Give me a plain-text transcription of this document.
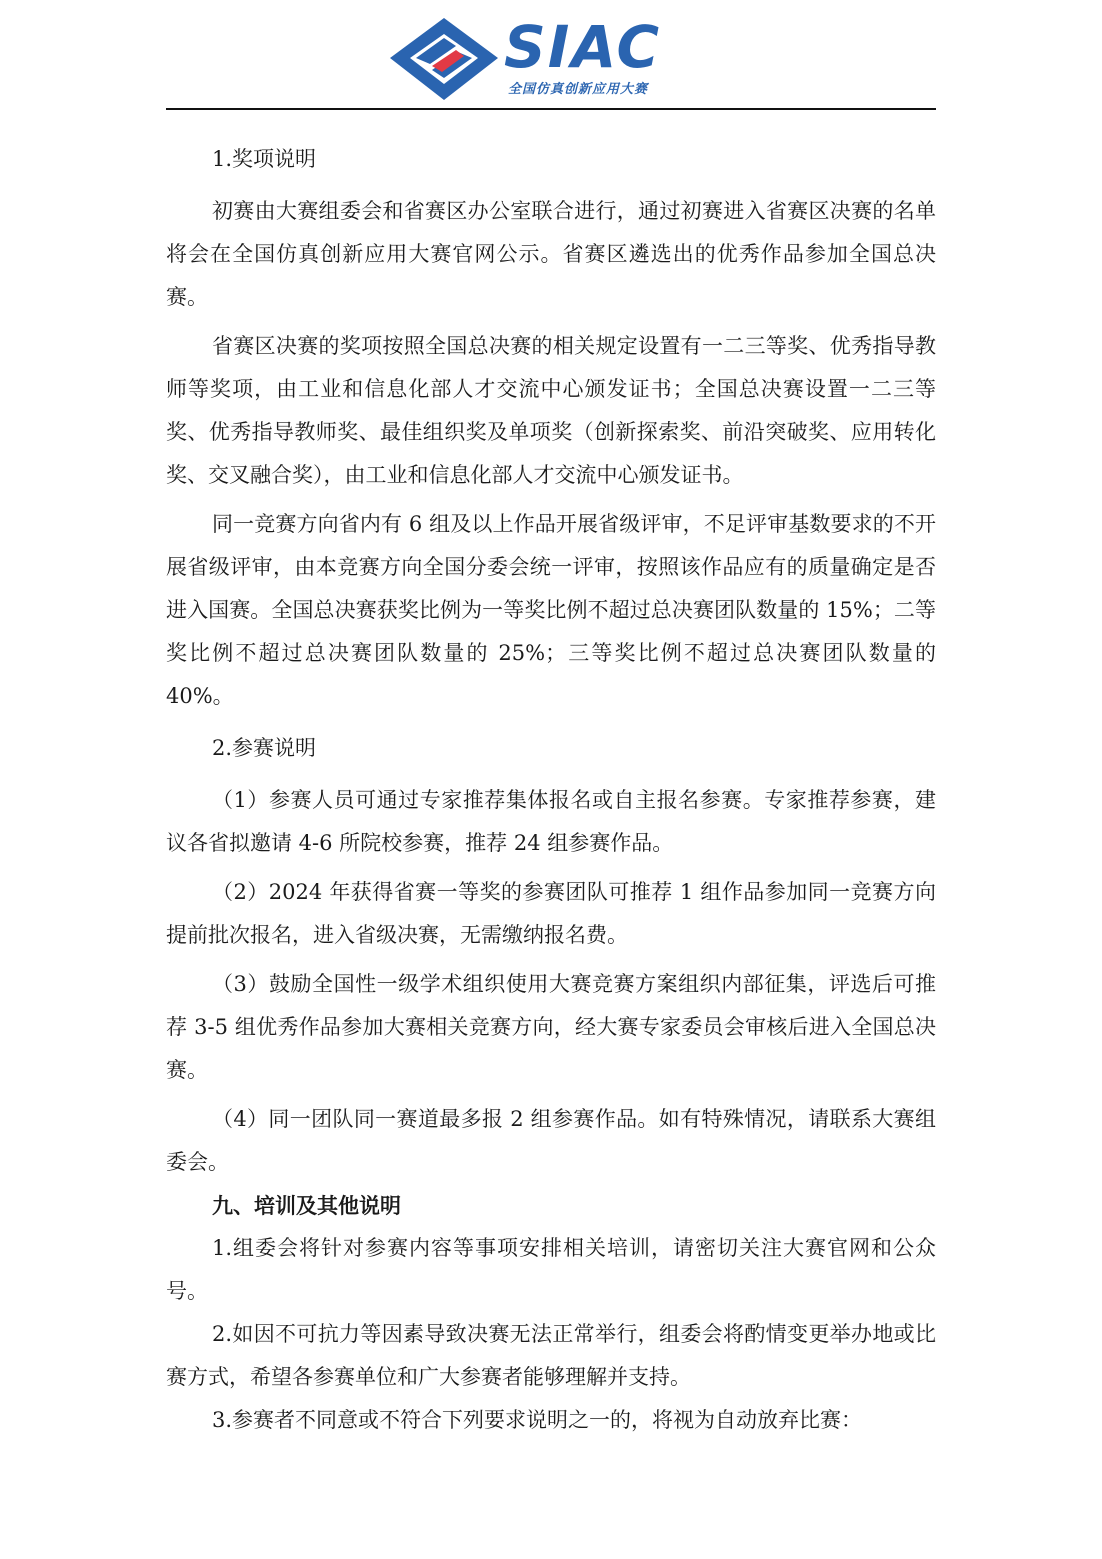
SIAC
全国仿真创新应用大赛

1.奖项说明

初赛由大赛组委会和省赛区办公室联合进行，通过初赛进入省赛区决赛的名单将会在全国仿真创新应用大赛官网公示。省赛区遴选出的优秀作品参加全国总决赛。

省赛区决赛的奖项按照全国总决赛的相关规定设置有一二三等奖、优秀指导教师等奖项，由工业和信息化部人才交流中心颁发证书；全国总决赛设置一二三等奖、优秀指导教师奖、最佳组织奖及单项奖（创新探索奖、前沿突破奖、应用转化奖、交叉融合奖），由工业和信息化部人才交流中心颁发证书。

同一竞赛方向省内有 6 组及以上作品开展省级评审，不足评审基数要求的不开展省级评审，由本竞赛方向全国分委会统一评审，按照该作品应有的质量确定是否进入国赛。全国总决赛获奖比例为一等奖比例不超过总决赛团队数量的 15%；二等奖比例不超过总决赛团队数量的 25%；三等奖比例不超过总决赛团队数量的 40%。

2.参赛说明

（1）参赛人员可通过专家推荐集体报名或自主报名参赛。专家推荐参赛，建议各省拟邀请 4-6 所院校参赛，推荐 24 组参赛作品。

（2）2024 年获得省赛一等奖的参赛团队可推荐 1 组作品参加同一竞赛方向提前批次报名，进入省级决赛，无需缴纳报名费。

（3）鼓励全国性一级学术组织使用大赛竞赛方案组织内部征集，评选后可推荐 3-5 组优秀作品参加大赛相关竞赛方向，经大赛专家委员会审核后进入全国总决赛。

（4）同一团队同一赛道最多报 2 组参赛作品。如有特殊情况，请联系大赛组委会。

九、培训及其他说明

1.组委会将针对参赛内容等事项安排相关培训，请密切关注大赛官网和公众号。

2.如因不可抗力等因素导致决赛无法正常举行，组委会将酌情变更举办地或比赛方式，希望各参赛单位和广大参赛者能够理解并支持。

3.参赛者不同意或不符合下列要求说明之一的，将视为自动放弃比赛：
